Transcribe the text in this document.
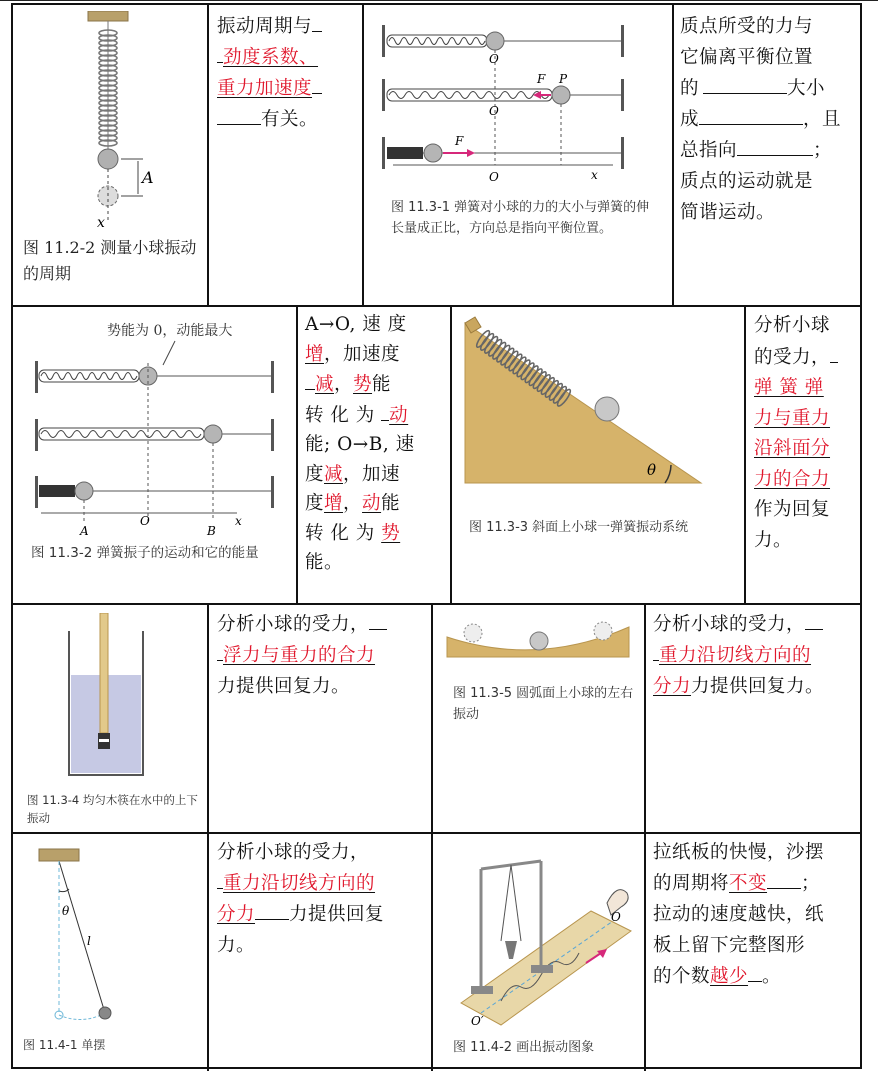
A
x
图 11.2-2 测量小球振动的周期
振动周期与
劲度系数、
重力加速度
有关。
O
O
O
F P
F
x
图 11.3-1 弹簧对小球的力的大小与弹簧的伸长量成正比，方向总是指向平衡位置。
质点所受的力与
它偏离平衡位置
的	大小
成	，且
总指向	；
质点的运动就是
简谐运动。
势能为 0，动能最大
A
O
B
x
图 11.3-2 弹簧振子的运动和它的能量
A→O, 速 度
增，加速度
减，势能
转 化 为 动
能; O→B, 速
度减，加速
度增，动能
转 化 为 势
能。
θ
图 11.3-3 斜面上小球一弹簧振动系统
分析小球
的受力，
弹 簧 弹
力与重力
沿斜面分
力的合力
作为回复
力。
图 11.3-4 均匀木筷在水中的上下振动
分析小球的受力，
浮力与重力的合力
力提供回复力。	图 11.3-5 圆弧面上小球的左右振动
分析小球的受力，
重力沿切线方向的
分力力提供回复力。
θ
l
图 11.4-1 单摆
分析小球的受力，
重力沿切线方向的
分力 力提供回复
力。
O
O′
图 11.4-2 画出振动图象
拉纸板的快慢，沙摆
的周期将不变 ；
拉动的速度越快，纸
板上留下完整图形
的个数越少 。
